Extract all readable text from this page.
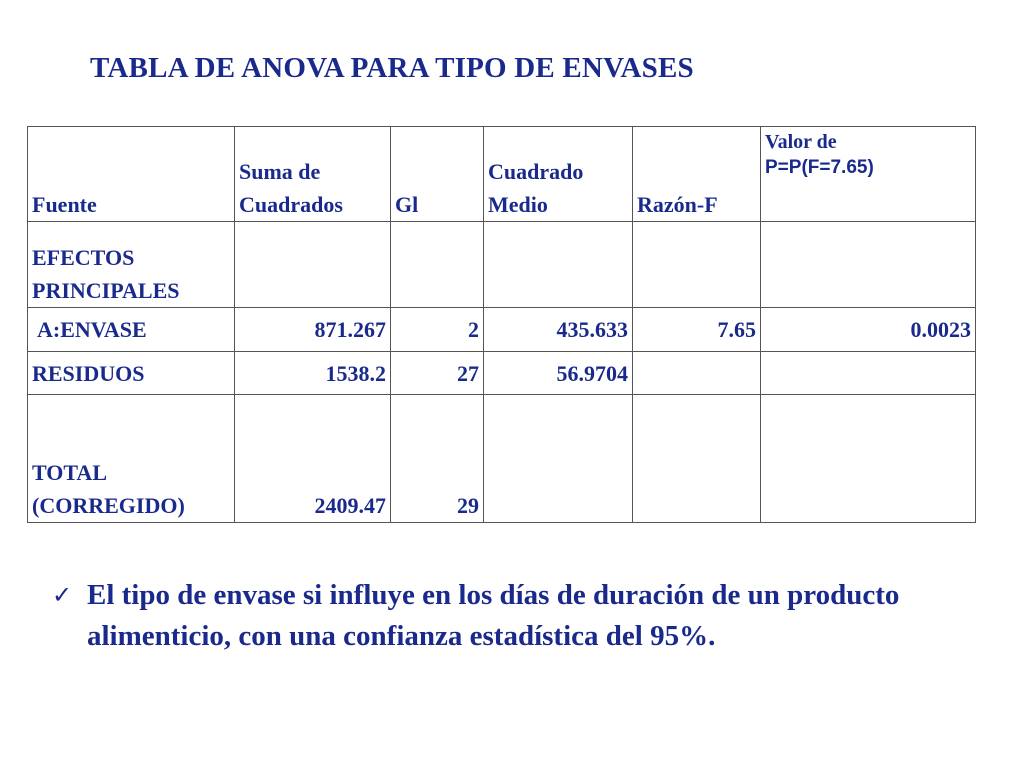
TABLA DE ANOVA PARA TIPO DE ENVASES
Fuente	Suma de Cuadrados	Gl	Cuadrado Medio	Razón-F	Valor de
P=P(F=7.65)

EFECTOS PRINCIPALES					
A:ENVASE	871.267	2	435.633	7.65	0.0023
RESIDUOS	1538.2	27	56.9704		

TOTAL
(CORREGIDO)	2409.47	29			
✓ El tipo de envase si influye en los días de duración de un producto alimenticio, con una confianza estadística del 95%.
